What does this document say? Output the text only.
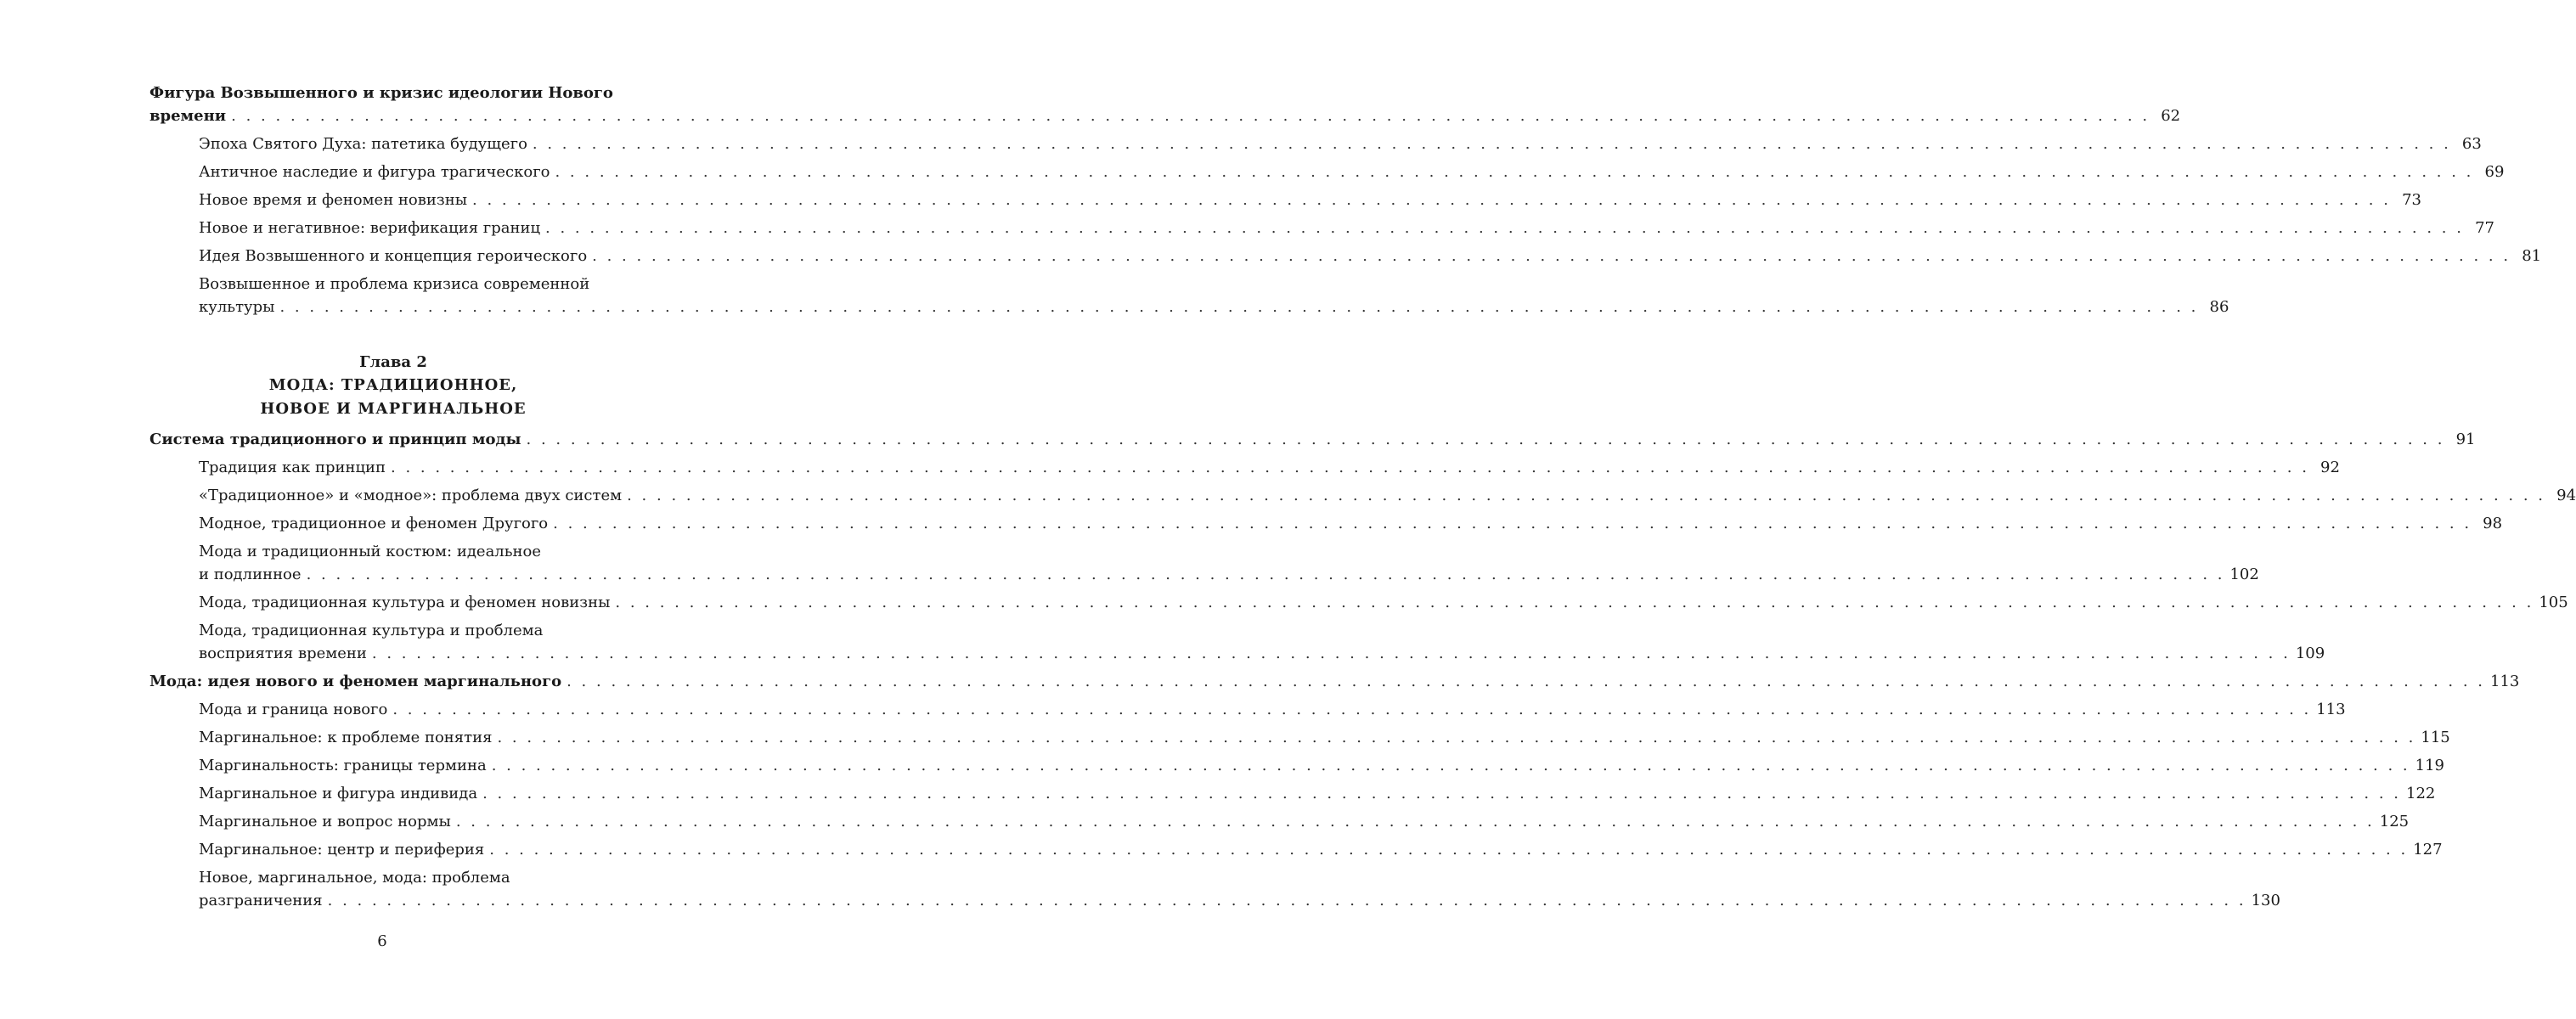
Фигура Возвышенного и кризис идеологии Нового
времени . . .	62
Эпоха Святого Духа: патетика будущего . . .	63
Античное наследие и фигура трагического . . .	69
Новое время и феномен новизны . . .	73
Новое и негативное: верификация границ . . .	77
Идея Возвышенного и концепция героического . . .	81
Возвышенное и проблема кризиса современной
культуры . . .	86
Глава 2
МОДА: ТРАДИЦИОННОЕ,
НОВОЕ И МАРГИНАЛЬНОЕ
Система традиционного и принцип моды . . .	91
Традиция как принцип . . .	92
«Традиционное» и «модное»: проблема двух систем . . .	94
Модное, традиционное и феномен Другого . . .	98
Мода и традиционный костюм: идеальное
и подлинное . . .	102
Мода, традиционная культура и феномен новизны . . .	105
Мода, традиционная культура и проблема
восприятия времени . . .	109
Мода: идея нового и феномен маргинального . . .	113
Мода и граница нового . . .	113
Маргинальное: к проблеме понятия . . .	115
Маргинальность: границы термина . . .	119
Маргинальное и фигура индивида . . .	122
Маргинальное и вопрос нормы . . .	125
Маргинальное: центр и периферия . . .	127
Новое, маргинальное, мода: проблема
разграничения . . .	130
6
